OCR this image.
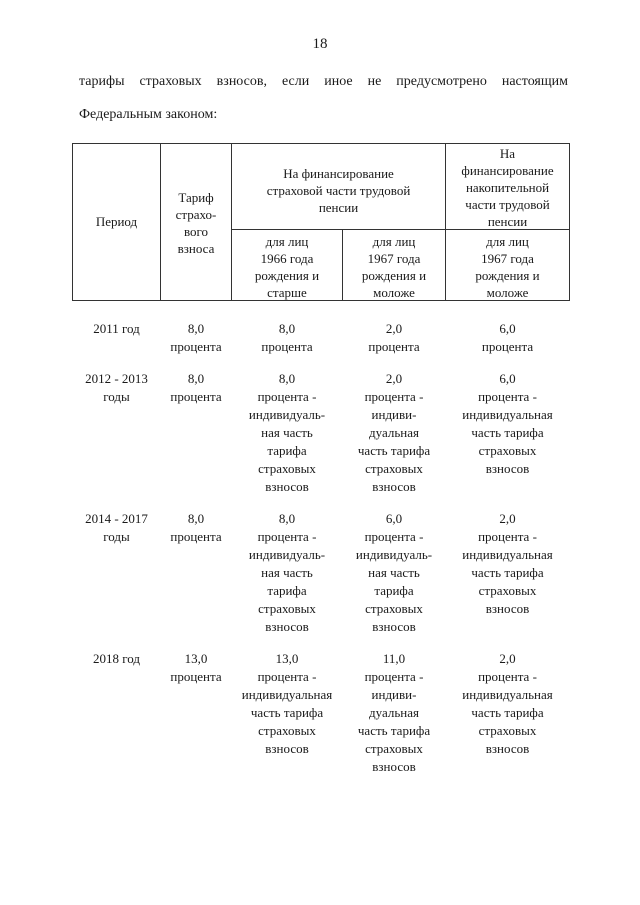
18
тарифы страховых взносов, если иное не предусмотрено настоящим
Федеральным законом:
Период
Тариф
страхо-
вого
взноса
На финансирование
страховой части трудовой
пенсии
На
финансирование
накопительной
части трудовой
пенсии
для лиц
1966 года
рождения и
старше
для лиц
1967 года
рождения и
моложе
для лиц
1967 года
рождения и
моложе
2011 год	8,0
процента
8,0
процента
2,0
процента
6,0
процента
2012 - 2013
годы
8,0
процента
8,0
процента -
индивидуаль-
ная часть
тарифа
страховых
взносов
2,0
процента -
индиви-
дуальная
часть тарифа
страховых
взносов
6,0
процента -
индивидуальная
часть тарифа
страховых
взносов
2014 - 2017
годы
8,0
процента
8,0
процента -
индивидуаль-
ная часть
тарифа
страховых
взносов
6,0
процента -
индивидуаль-
ная часть
тарифа
страховых
взносов
2,0
процента -
индивидуальная
часть тарифа
страховых
взносов
2018 год	13,0
процента
13,0
процента -
индивидуальная
часть тарифа
страховых
взносов
11,0
процента -
индиви-
дуальная
часть тарифа
страховых
взносов
2,0
процента -
индивидуальная
часть тарифа
страховых
взносов
